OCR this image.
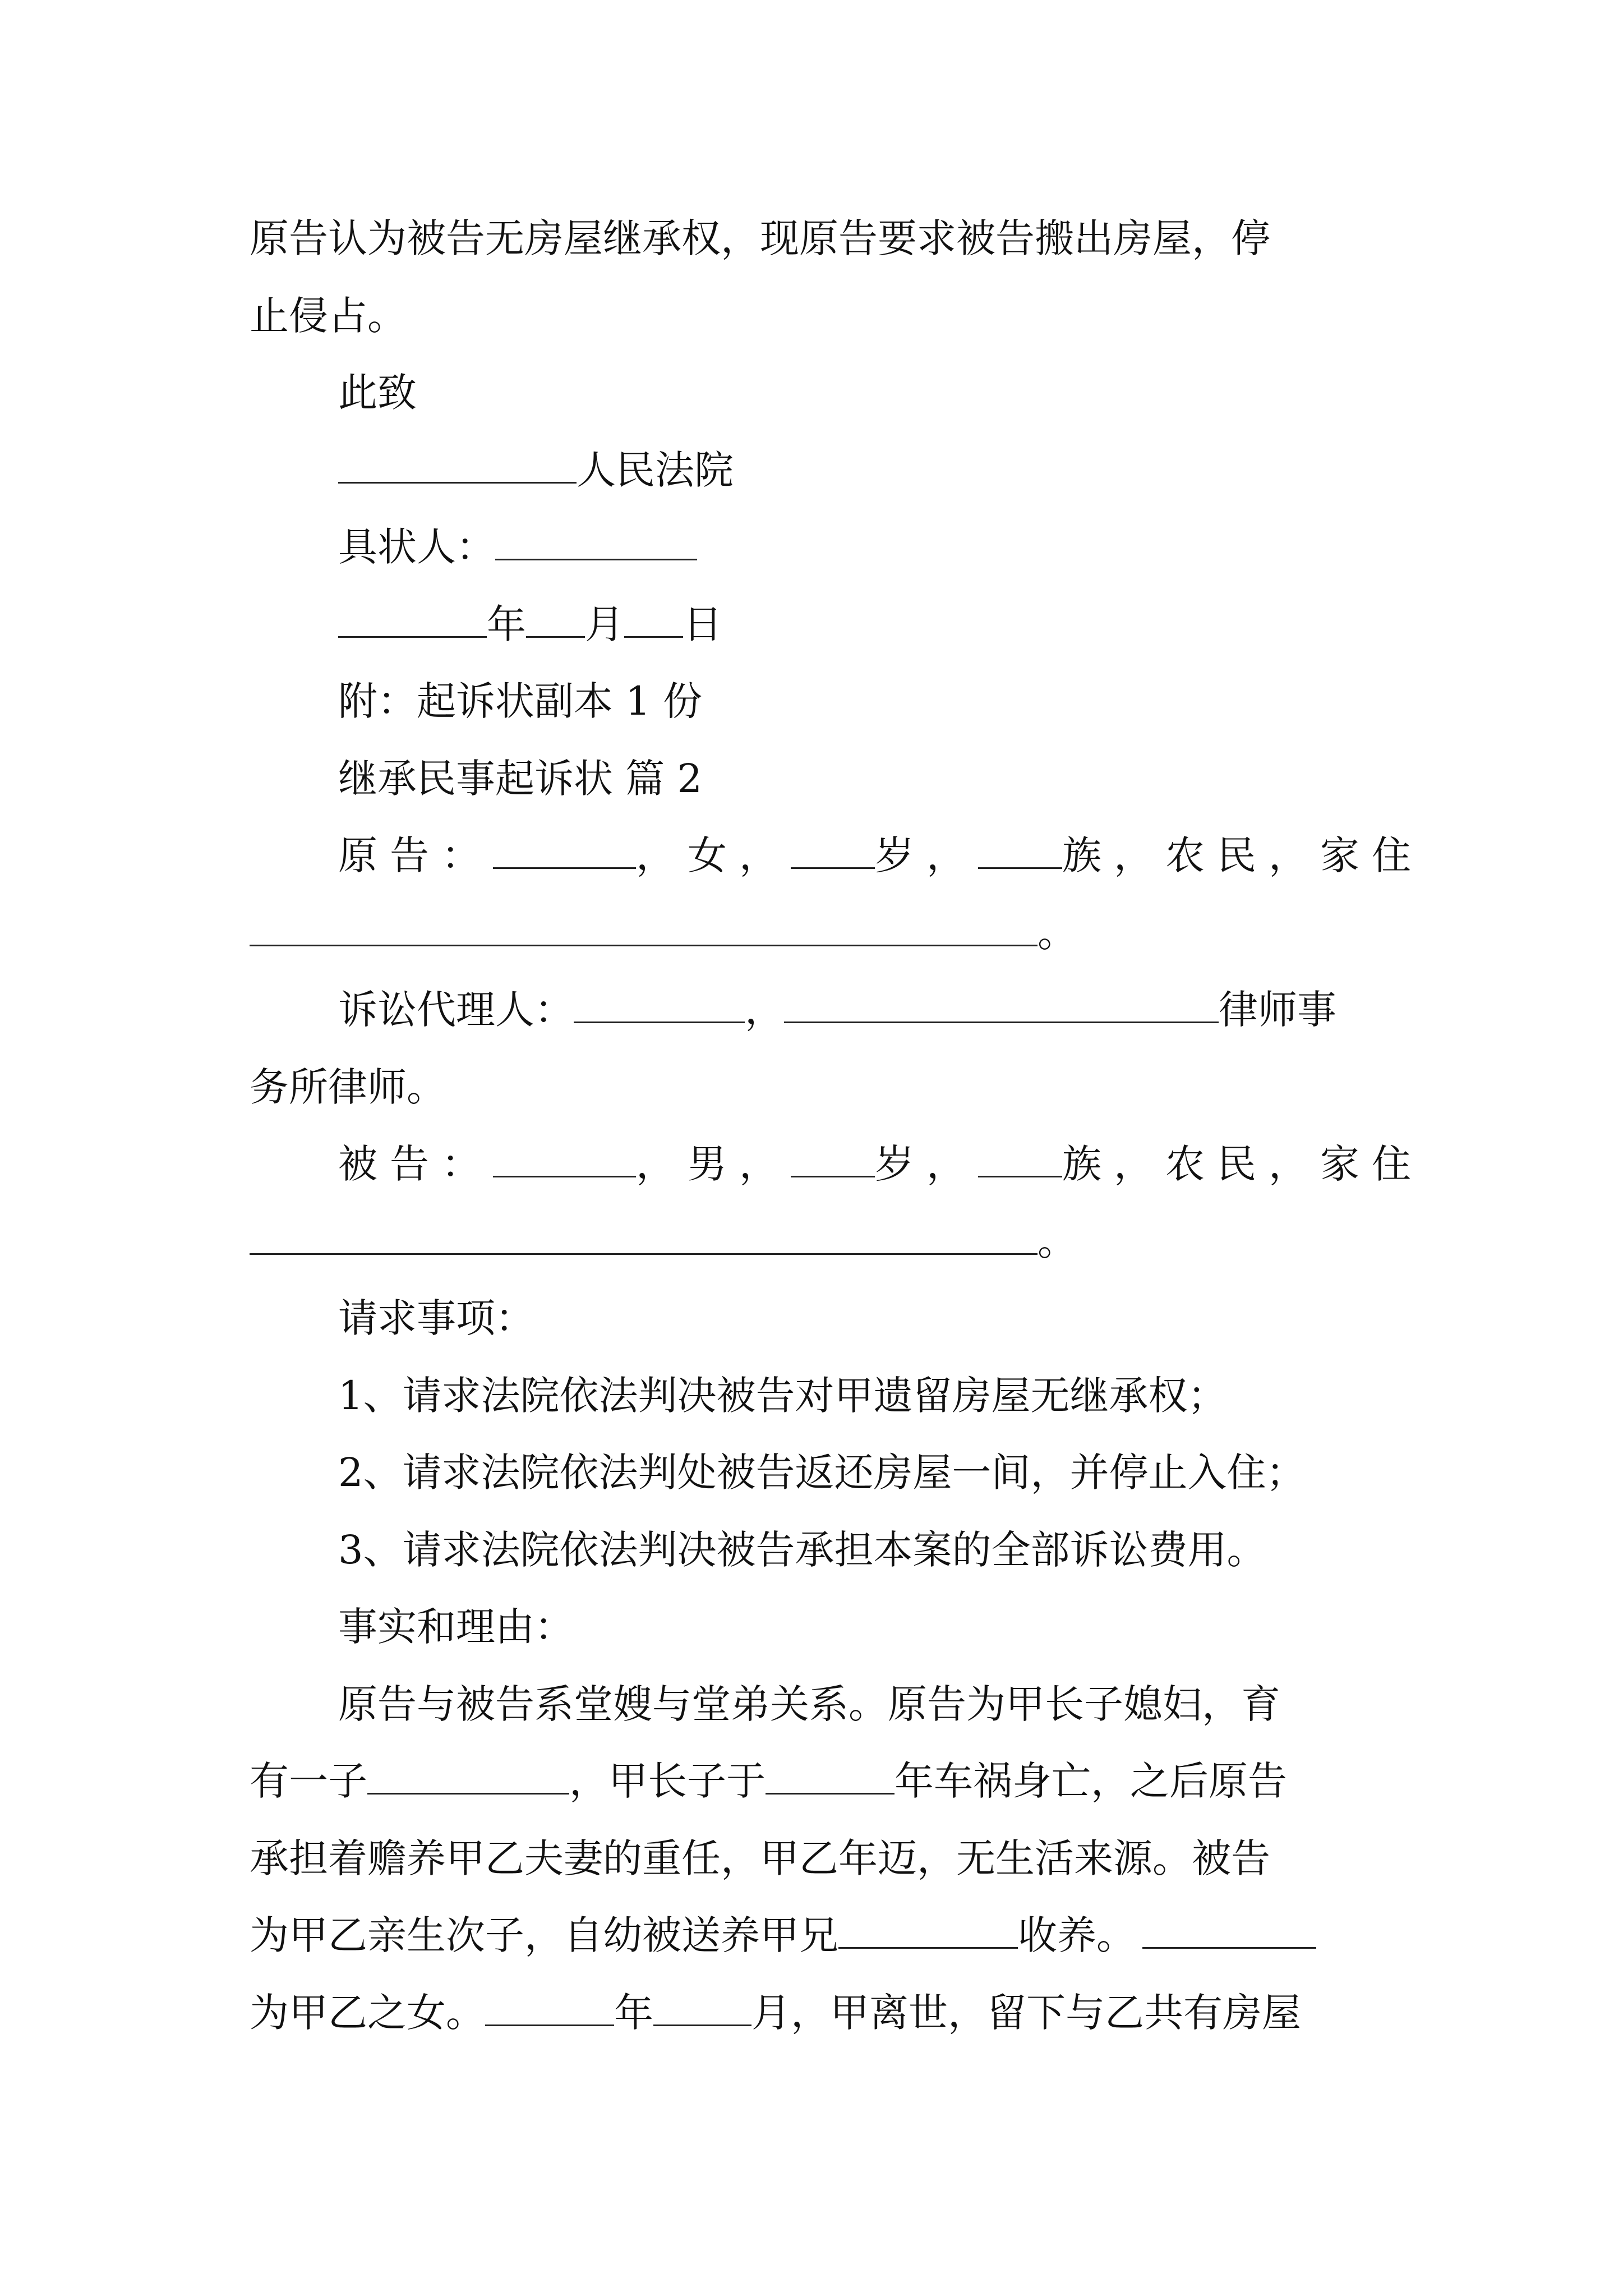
原告认为被告无房屋继承权，现原告要求被告搬出房屋，停

止侵占。

此致

人民法院

具状人：

年 月 日

附：起诉状副本 1 份

继承民事起诉状 篇 2

原告：	，女， 岁， 族，农民，家住

。

诉讼代理人：	，	律师事

务所律师。

被告：	，男， 岁， 族，农民，家住

。

请求事项：

1、请求法院依法判决被告对甲遗留房屋无继承权；

2、请求法院依法判处被告返还房屋一间，并停止入住；

3、请求法院依法判决被告承担本案的全部诉讼费用。

事实和理由：

原告与被告系堂嫂与堂弟关系。原告为甲长子媳妇，育

有一子	，甲长子于	年车祸身亡，之后原告

承担着赡养甲乙夫妻的重任，甲乙年迈，无生活来源。被告

为甲乙亲生次子，自幼被送养甲兄	收养。

为甲乙之女。	年	月，甲离世，留下与乙共有房屋
